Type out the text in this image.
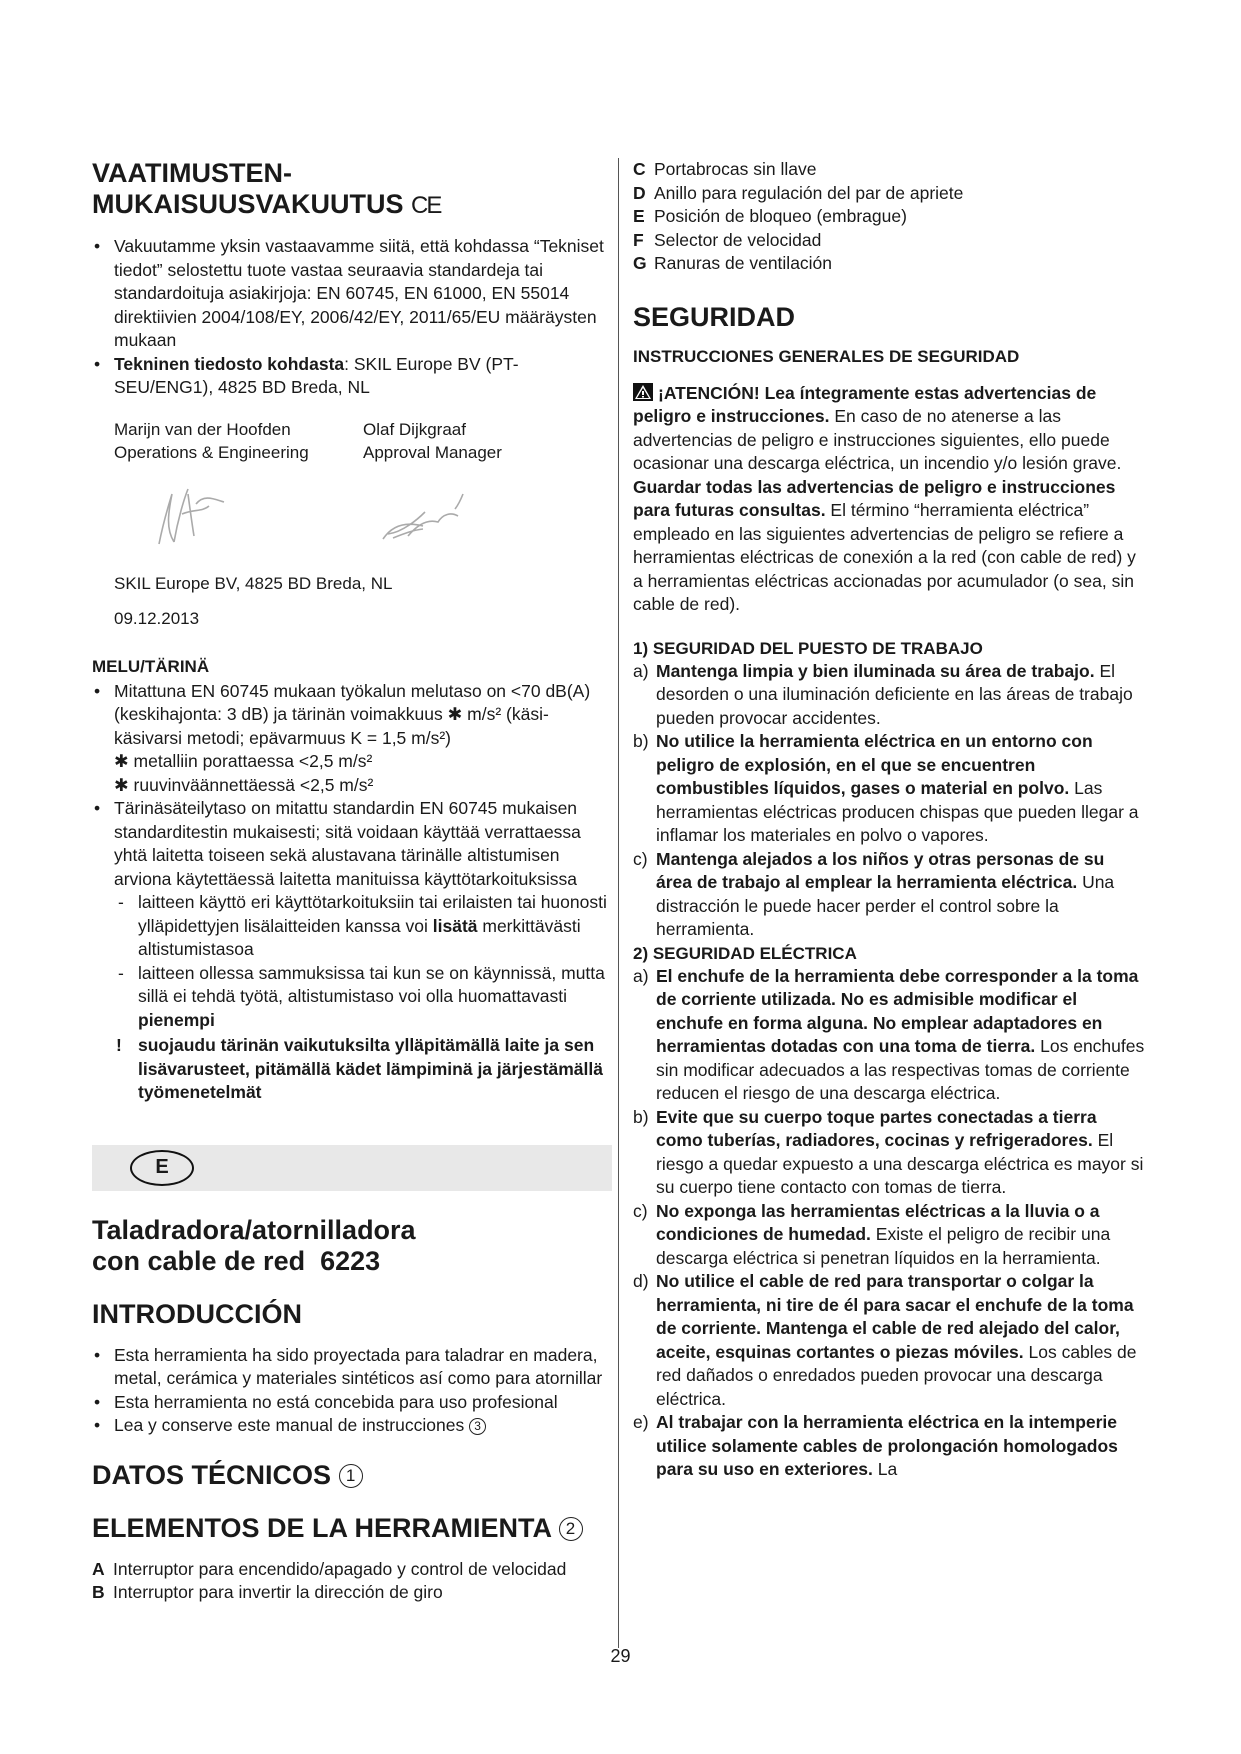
VAATIMUSTEN-
MUKAISUUSVAKUUTUS CE
• Vakuutamme yksin vastaavamme siitä, että kohdassa “Tekniset tiedot” selostettu tuote vastaa seuraavia standardeja tai standardoituja asiakirjoja: EN 60745, EN 61000, EN 55014 direktiivien 2004/108/EY, 2006/42/EY, 2011/65/EU määräysten mukaan
• Tekninen tiedosto kohdasta: SKIL Europe BV (PT-SEU/ENG1), 4825 BD Breda, NL
Marijn van der Hoofden
Operations & Engineering
Olaf Dijkgraaf
Approval Manager
SKIL Europe BV, 4825 BD Breda, NL
09.12.2013
MELU/TÄRINÄ
• Mitattuna EN 60745 mukaan työkalun melutaso on <70 dB(A) (keskihajonta: 3 dB) ja tärinän voimakkuus ✱ m/s² (käsi-käsivarsi metodi; epävarmuus K = 1,5 m/s²)
✱ metalliin porattaessa <2,5 m/s²
✱ ruuvinväännettäessä <2,5 m/s²
• Tärinäsäteilytaso on mitattu standardin EN 60745 mukaisen standarditestin mukaisesti; sitä voidaan käyttää verrattaessa yhtä laitetta toiseen sekä alustavana tärinälle altistumisen arviona käytettäessä laitetta manituissa käyttötarkoituksissa
- laitteen käyttö eri käyttötarkoituksiin tai erilaisten tai huonosti ylläpidettyjen lisälaitteiden kanssa voi lisätä merkittävästi altistumistasoa
- laitteen ollessa sammuksissa tai kun se on käynnissä, mutta sillä ei tehdä työtä, altistumistaso voi olla huomattavasti pienempi
! suojaudu tärinän vaikutuksilta ylläpitämällä laite ja sen lisävarusteet, pitämällä kädet lämpiminä ja järjestämällä työmenetelmät
E
Taladradora/atornilladora
con cable de red  6223
INTRODUCCIÓN
• Esta herramienta ha sido proyectada para taladrar en madera, metal, cerámica y materiales sintéticos así como para atornillar
• Esta herramienta no está concebida para uso profesional
• Lea y conserve este manual de instrucciones 3
DATOS TÉCNICOS 1
ELEMENTOS DE LA HERRAMIENTA 2
A Interruptor para encendido/apagado y control de velocidad
B Interruptor para invertir la dirección de giro
C Portabrocas sin llave
D Anillo para regulación del par de apriete
E Posición de bloqueo (embrague)
F Selector de velocidad
G Ranuras de ventilación
SEGURIDAD
INSTRUCCIONES GENERALES DE SEGURIDAD
¡ATENCIÓN! Lea íntegramente estas advertencias de peligro e instrucciones. En caso de no atenerse a las advertencias de peligro e instrucciones siguientes, ello puede ocasionar una descarga eléctrica, un incendio y/o lesión grave. Guardar todas las advertencias de peligro e instrucciones para futuras consultas. El término “herramienta eléctrica” empleado en las siguientes advertencias de peligro se refiere a herramientas eléctricas de conexión a la red (con cable de red) y a herramientas eléctricas accionadas por acumulador (o sea, sin cable de red).
1) SEGURIDAD DEL PUESTO DE TRABAJO
a) Mantenga limpia y bien iluminada su área de trabajo. El desorden o una iluminación deficiente en las áreas de trabajo pueden provocar accidentes.
b) No utilice la herramienta eléctrica en un entorno con peligro de explosión, en el que se encuentren combustibles líquidos, gases o material en polvo. Las herramientas eléctricas producen chispas que pueden llegar a inflamar los materiales en polvo o vapores.
c) Mantenga alejados a los niños y otras personas de su área de trabajo al emplear la herramienta eléctrica. Una distracción le puede hacer perder el control sobre la herramienta.
2) SEGURIDAD ELÉCTRICA
a) El enchufe de la herramienta debe corresponder a la toma de corriente utilizada. No es admisible modificar el enchufe en forma alguna. No emplear adaptadores en herramientas dotadas con una toma de tierra. Los enchufes sin modificar adecuados a las respectivas tomas de corriente reducen el riesgo de una descarga eléctrica.
b) Evite que su cuerpo toque partes conectadas a tierra como tuberías, radiadores, cocinas y refrigeradores. El riesgo a quedar expuesto a una descarga eléctrica es mayor si su cuerpo tiene contacto con tomas de tierra.
c) No exponga las herramientas eléctricas a la lluvia o a condiciones de humedad. Existe el peligro de recibir una descarga eléctrica si penetran líquidos en la herramienta.
d) No utilice el cable de red para transportar o colgar la herramienta, ni tire de él para sacar el enchufe de la toma de corriente. Mantenga el cable de red alejado del calor, aceite, esquinas cortantes o piezas móviles. Los cables de red dañados o enredados pueden provocar una descarga eléctrica.
e) Al trabajar con la herramienta eléctrica en la intemperie utilice solamente cables de prolongación homologados para su uso en exteriores. La
29
